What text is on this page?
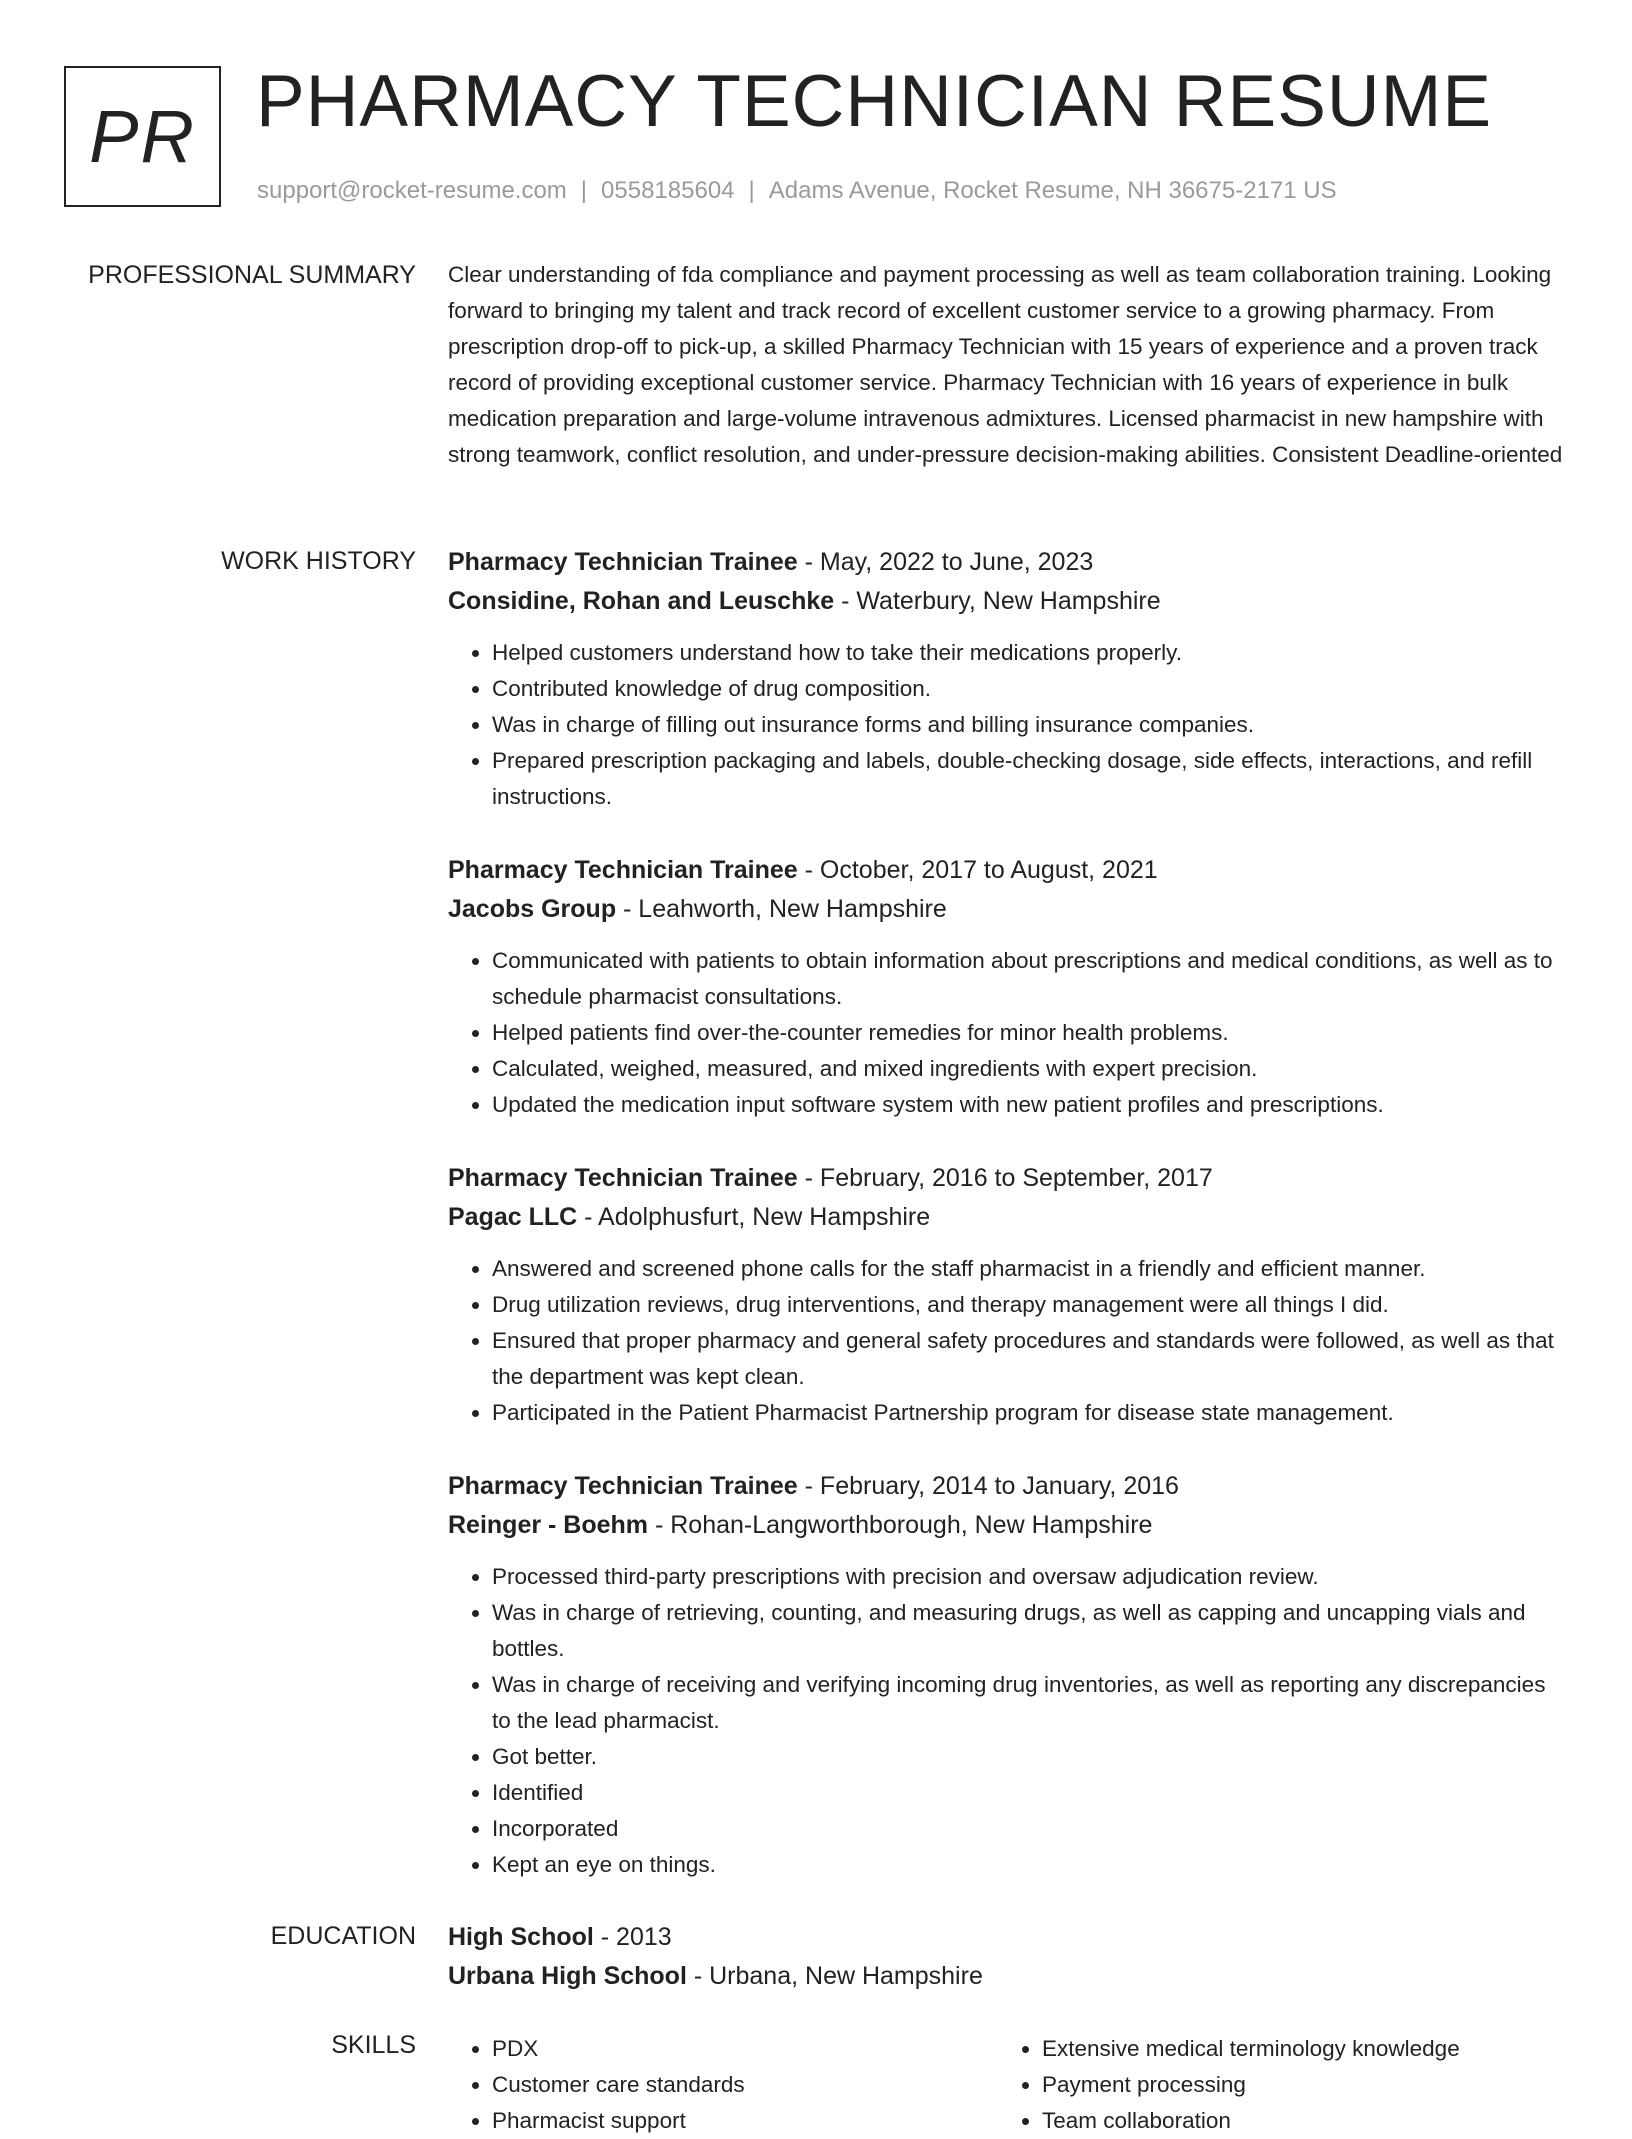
PR PHARMACY TECHNICIAN RESUME
support@rocket-resume.com | 0558185604 | Adams Avenue, Rocket Resume, NH 36675-2171 US
PROFESSIONAL SUMMARY Clear understanding of fda compliance and payment processing as well as team collaboration training. Looking forward to bringing my talent and track record of excellent customer service to a growing pharmacy. From prescription drop-off to pick-up, a skilled Pharmacy Technician with 15 years of experience and a proven track record of providing exceptional customer service. Pharmacy Technician with 16 years of experience in bulk medication preparation and large-volume intravenous admixtures. Licensed pharmacist in new hampshire with strong teamwork, conflict resolution, and under-pressure decision-making abilities. Consistent Deadline-oriented

WORK HISTORY Pharmacy Technician Trainee - May, 2022 to June, 2023
Considine, Rohan and Leuschke - Waterbury, New Hampshire
• Helped customers understand how to take their medications properly.
• Contributed knowledge of drug composition.
• Was in charge of filling out insurance forms and billing insurance companies.
• Prepared prescription packaging and labels, double-checking dosage, side effects, interactions, and refill instructions.
Pharmacy Technician Trainee - October, 2017 to August, 2021
Jacobs Group - Leahworth, New Hampshire
• Communicated with patients to obtain information about prescriptions and medical conditions, as well as to schedule pharmacist consultations.
• Helped patients find over-the-counter remedies for minor health problems.
• Calculated, weighed, measured, and mixed ingredients with expert precision.
• Updated the medication input software system with new patient profiles and prescriptions.
Pharmacy Technician Trainee - February, 2016 to September, 2017
Pagac LLC - Adolphusfurt, New Hampshire
• Answered and screened phone calls for the staff pharmacist in a friendly and efficient manner.
• Drug utilization reviews, drug interventions, and therapy management were all things I did.
• Ensured that proper pharmacy and general safety procedures and standards were followed, as well as that the department was kept clean.
• Participated in the Patient Pharmacist Partnership program for disease state management.
Pharmacy Technician Trainee - February, 2014 to January, 2016
Reinger - Boehm - Rohan-Langworthborough, New Hampshire
• Processed third-party prescriptions with precision and oversaw adjudication review.
• Was in charge of retrieving, counting, and measuring drugs, as well as capping and uncapping vials and bottles.
• Was in charge of receiving and verifying incoming drug inventories, as well as reporting any discrepancies to the lead pharmacist.
• Got better.
• Identified
• Incorporated
• Kept an eye on things.
EDUCATION High School - 2013
Urbana High School - Urbana, New Hampshire
SKILLS
•	PDX
• Customer care standards
• Pharmacist support
• Extensive medical terminology knowledge
• Payment processing
• Team collaboration
